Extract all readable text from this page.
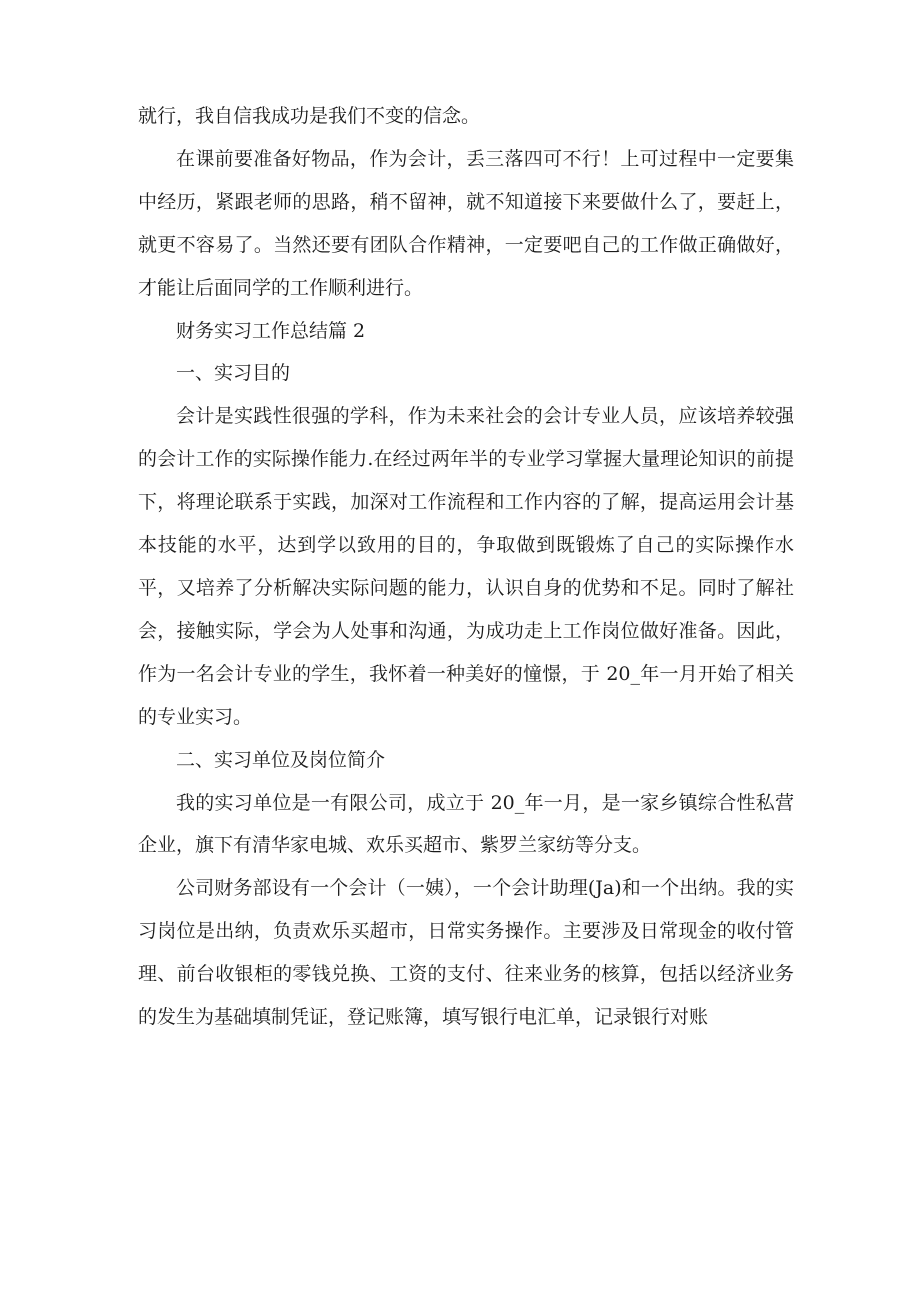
就行，我自信我成功是我们不变的信念。

在课前要准备好物品，作为会计，丢三落四可不行！上可过程中一定要集中经历，紧跟老师的思路，稍不留神，就不知道接下来要做什么了，要赶上，就更不容易了。当然还要有团队合作精神，一定要吧自己的工作做正确做好，才能让后面同学的工作顺利进行。

财务实习工作总结篇 2

一、实习目的

会计是实践性很强的学科，作为未来社会的会计专业人员，应该培养较强的会计工作的实际操作能力.在经过两年半的专业学习掌握大量理论知识的前提下，将理论联系于实践，加深对工作流程和工作内容的了解，提高运用会计基本技能的水平，达到学以致用的目的，争取做到既锻炼了自己的实际操作水平，又培养了分析解决实际问题的能力，认识自身的优势和不足。同时了解社会，接触实际，学会为人处事和沟通，为成功走上工作岗位做好准备。因此，作为一名会计专业的学生，我怀着一种美好的憧憬，于 20_年一月开始了相关的专业实习。

二、实习单位及岗位简介

我的实习单位是一有限公司，成立于 20_年一月，是一家乡镇综合性私营企业，旗下有清华家电城、欢乐买超市、紫罗兰家纺等分支。

公司财务部设有一个会计（一姨），一个会计助理(Ja)和一个出纳。我的实习岗位是出纳，负责欢乐买超市，日常实务操作。主要涉及日常现金的收付管理、前台收银柜的零钱兑换、工资的支付、往来业务的核算，包括以经济业务的发生为基础填制凭证，登记账簿，填写银行电汇单，记录银行对账
